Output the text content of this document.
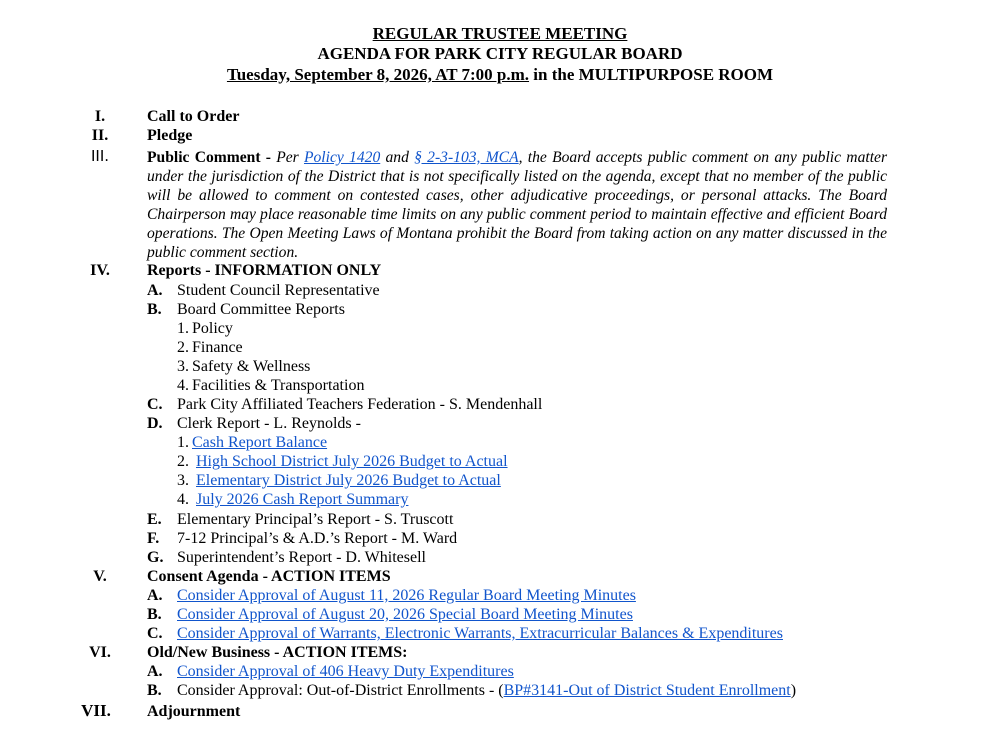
REGULAR TRUSTEE MEETING
AGENDA FOR PARK CITY REGULAR BOARD
Tuesday, September 8, 2026, AT 7:00 p.m. in the MULTIPURPOSE ROOM
I.	Call to Order
II.	Pledge
III.	Public Comment - Per Policy 1420 and § 2-3-103, MCA, the Board accepts public comment on any public matter under the jurisdiction of the District that is not specifically listed on the agenda, except that no member of the public will be allowed to comment on contested cases, other adjudicative proceedings, or personal attacks. The Board Chairperson may place reasonable time limits on any public comment period to maintain effective and efficient Board operations. The Open Meeting Laws of Montana prohibit the Board from taking action on any matter discussed in the public comment section.
IV.	Reports - INFORMATION ONLY
A. Student Council Representative
B. Board Committee Reports
1. Policy
2. Finance
3. Safety & Wellness
4. Facilities & Transportation
C. Park City Affiliated Teachers Federation - S. Mendenhall
D. Clerk Report - L. Reynolds -
1. Cash Report Balance
2. High School District July 2026 Budget to Actual
3. Elementary District July 2026 Budget to Actual
4. July 2026 Cash Report Summary
E. Elementary Principal’s Report - S. Truscott
F. 7-12 Principal’s & A.D.’s Report - M. Ward
G. Superintendent’s Report - D. Whitesell
V.	Consent Agenda - ACTION ITEMS
A. Consider Approval of August 11, 2026 Regular Board Meeting Minutes
B. Consider Approval of August 20, 2026 Special Board Meeting Minutes
C. Consider Approval of Warrants, Electronic Warrants, Extracurricular Balances & Expenditures
VI.	Old/New Business - ACTION ITEMS:
A. Consider Approval of 406 Heavy Duty Expenditures
B. Consider Approval: Out-of-District Enrollments - (BP#3141-Out of District Student Enrollment)
VII.	Adjournment
